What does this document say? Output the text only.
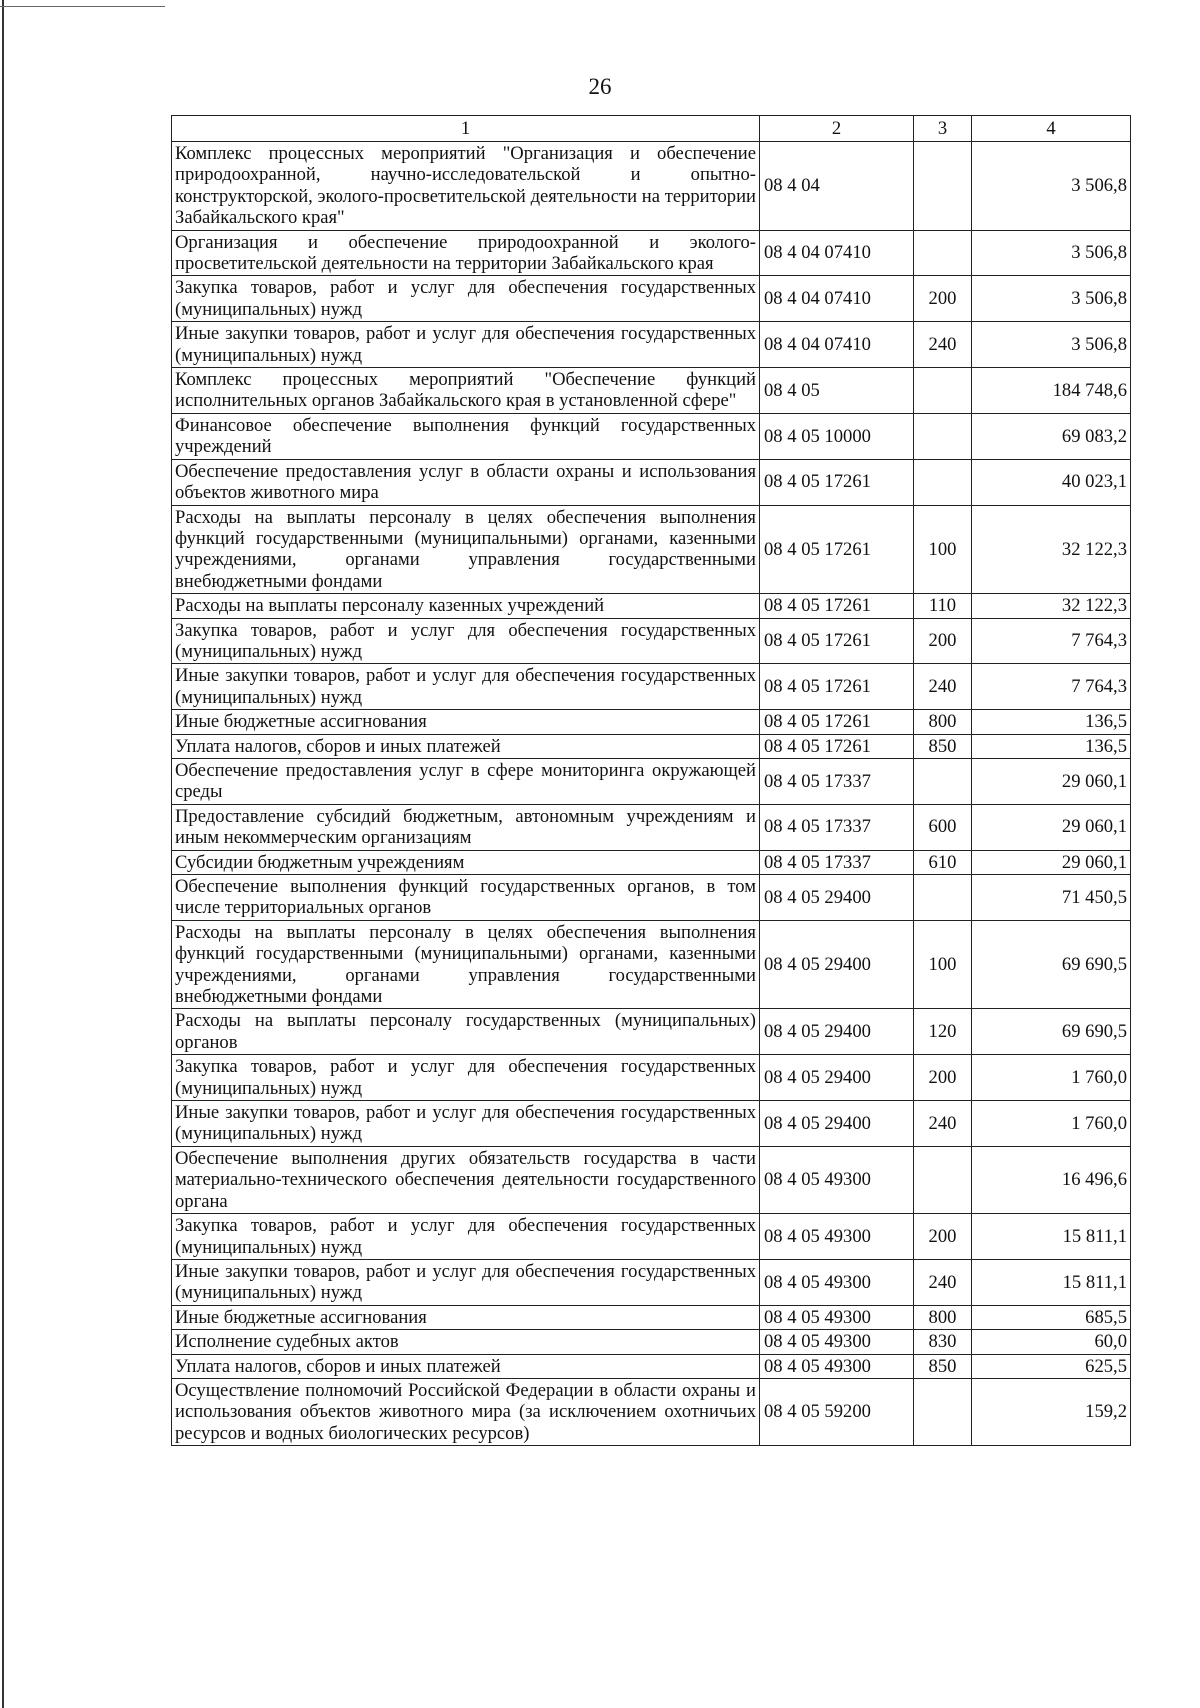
26
1	2	3	4
Комплекс процессных мероприятий "Организация и обеспечение природоохранной, научно-исследовательской и опытно-конструкторской, эколого-просветительской деятельности на территории Забайкальского края"	08 4 04		3 506,8
Организация и обеспечение природоохранной и эколого-просветительской деятельности на территории Забайкальского края	08 4 04 07410		3 506,8
Закупка товаров, работ и услуг для обеспечения государственных (муниципальных) нужд	08 4 04 07410	200	3 506,8
Иные закупки товаров, работ и услуг для обеспечения государственных (муниципальных) нужд	08 4 04 07410	240	3 506,8
Комплекс процессных мероприятий "Обеспечение функций исполнительных органов Забайкальского края в установленной сфере"	08 4 05		184 748,6
Финансовое обеспечение выполнения функций государственных учреждений	08 4 05 10000		69 083,2
Обеспечение предоставления услуг в области охраны и использования объектов животного мира	08 4 05 17261		40 023,1
Расходы на выплаты персоналу в целях обеспечения выполнения функций государственными (муниципальными) органами, казенными учреждениями, органами управления государственными внебюджетными фондами	08 4 05 17261	100	32 122,3
Расходы на выплаты персоналу казенных учреждений	08 4 05 17261	110	32 122,3
Закупка товаров, работ и услуг для обеспечения государственных (муниципальных) нужд	08 4 05 17261	200	7 764,3
Иные закупки товаров, работ и услуг для обеспечения государственных (муниципальных) нужд	08 4 05 17261	240	7 764,3
Иные бюджетные ассигнования	08 4 05 17261	800	136,5
Уплата налогов, сборов и иных платежей	08 4 05 17261	850	136,5
Обеспечение предоставления услуг в сфере мониторинга окружающей среды	08 4 05 17337		29 060,1
Предоставление субсидий бюджетным, автономным учреждениям и иным некоммерческим организациям	08 4 05 17337	600	29 060,1
Субсидии бюджетным учреждениям	08 4 05 17337	610	29 060,1
Обеспечение выполнения функций государственных органов, в том числе территориальных органов	08 4 05 29400		71 450,5
Расходы на выплаты персоналу в целях обеспечения выполнения функций государственными (муниципальными) органами, казенными учреждениями, органами управления государственными внебюджетными фондами	08 4 05 29400	100	69 690,5
Расходы на выплаты персоналу государственных (муниципальных) органов	08 4 05 29400	120	69 690,5
Закупка товаров, работ и услуг для обеспечения государственных (муниципальных) нужд	08 4 05 29400	200	1 760,0
Иные закупки товаров, работ и услуг для обеспечения государственных (муниципальных) нужд	08 4 05 29400	240	1 760,0
Обеспечение выполнения других обязательств государства в части материально-технического обеспечения деятельности государственного органа	08 4 05 49300		16 496,6
Закупка товаров, работ и услуг для обеспечения государственных (муниципальных) нужд	08 4 05 49300	200	15 811,1
Иные закупки товаров, работ и услуг для обеспечения государственных (муниципальных) нужд	08 4 05 49300	240	15 811,1
Иные бюджетные ассигнования	08 4 05 49300	800	685,5
Исполнение судебных актов	08 4 05 49300	830	60,0
Уплата налогов, сборов и иных платежей	08 4 05 49300	850	625,5
Осуществление полномочий Российской Федерации в области охраны и использования объектов животного мира (за исключением охотничьих ресурсов и водных биологических ресурсов)	08 4 05 59200		159,2
